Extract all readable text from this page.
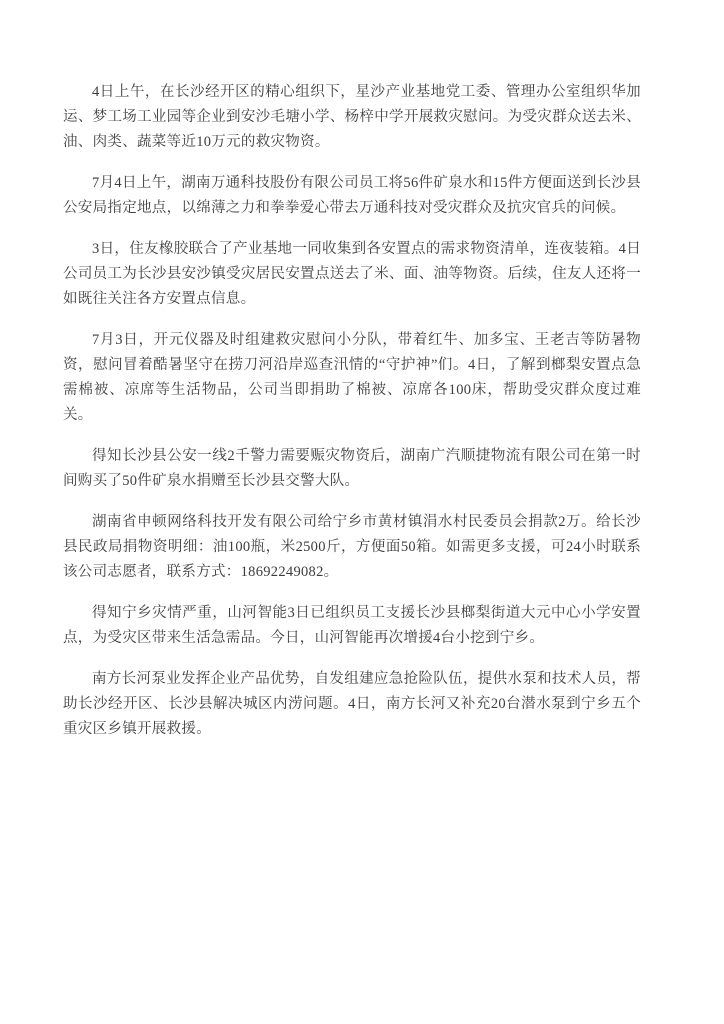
4日上午，在长沙经开区的精心组织下，星沙产业基地党工委、管理办公室组织华加运、梦工场工业园等企业到安沙毛塘小学、杨梓中学开展救灾慰问。为受灾群众送去米、油、肉类、蔬菜等近10万元的救灾物资。

7月4日上午，湖南万通科技股份有限公司员工将56件矿泉水和15件方便面送到长沙县公安局指定地点，以绵薄之力和拳拳爱心带去万通科技对受灾群众及抗灾官兵的问候。

3日，住友橡胶联合了产业基地一同收集到各安置点的需求物资清单，连夜装箱。4日公司员工为长沙县安沙镇受灾居民安置点送去了米、面、油等物资。后续，住友人还将一如既往关注各方安置点信息。

7月3日，开元仪器及时组建救灾慰问小分队，带着红牛、加多宝、王老吉等防暑物资，慰问冒着酷暑坚守在捞刀河沿岸巡查汛情的“守护神”们。4日，了解到榔梨安置点急需棉被、凉席等生活物品，公司当即捐助了棉被、凉席各100床，帮助受灾群众度过难关。

得知长沙县公安一线2千警力需要赈灾物资后，湖南广汽顺捷物流有限公司在第一时间购买了50件矿泉水捐赠至长沙县交警大队。

湖南省申顿网络科技开发有限公司给宁乡市黄材镇涓水村民委员会捐款2万。给长沙县民政局捐物资明细：油100瓶，米2500斤，方便面50箱。如需更多支援，可24小时联系该公司志愿者，联系方式：18692249082。

得知宁乡灾情严重，山河智能3日已组织员工支援长沙县榔梨街道大元中心小学安置点，为受灾区带来生活急需品。今日，山河智能再次增援4台小挖到宁乡。

南方长河泵业发挥企业产品优势，自发组建应急抢险队伍，提供水泵和技术人员，帮助长沙经开区、长沙县解决城区内涝问题。4日，南方长河又补充20台潜水泵到宁乡五个重灾区乡镇开展救援。
